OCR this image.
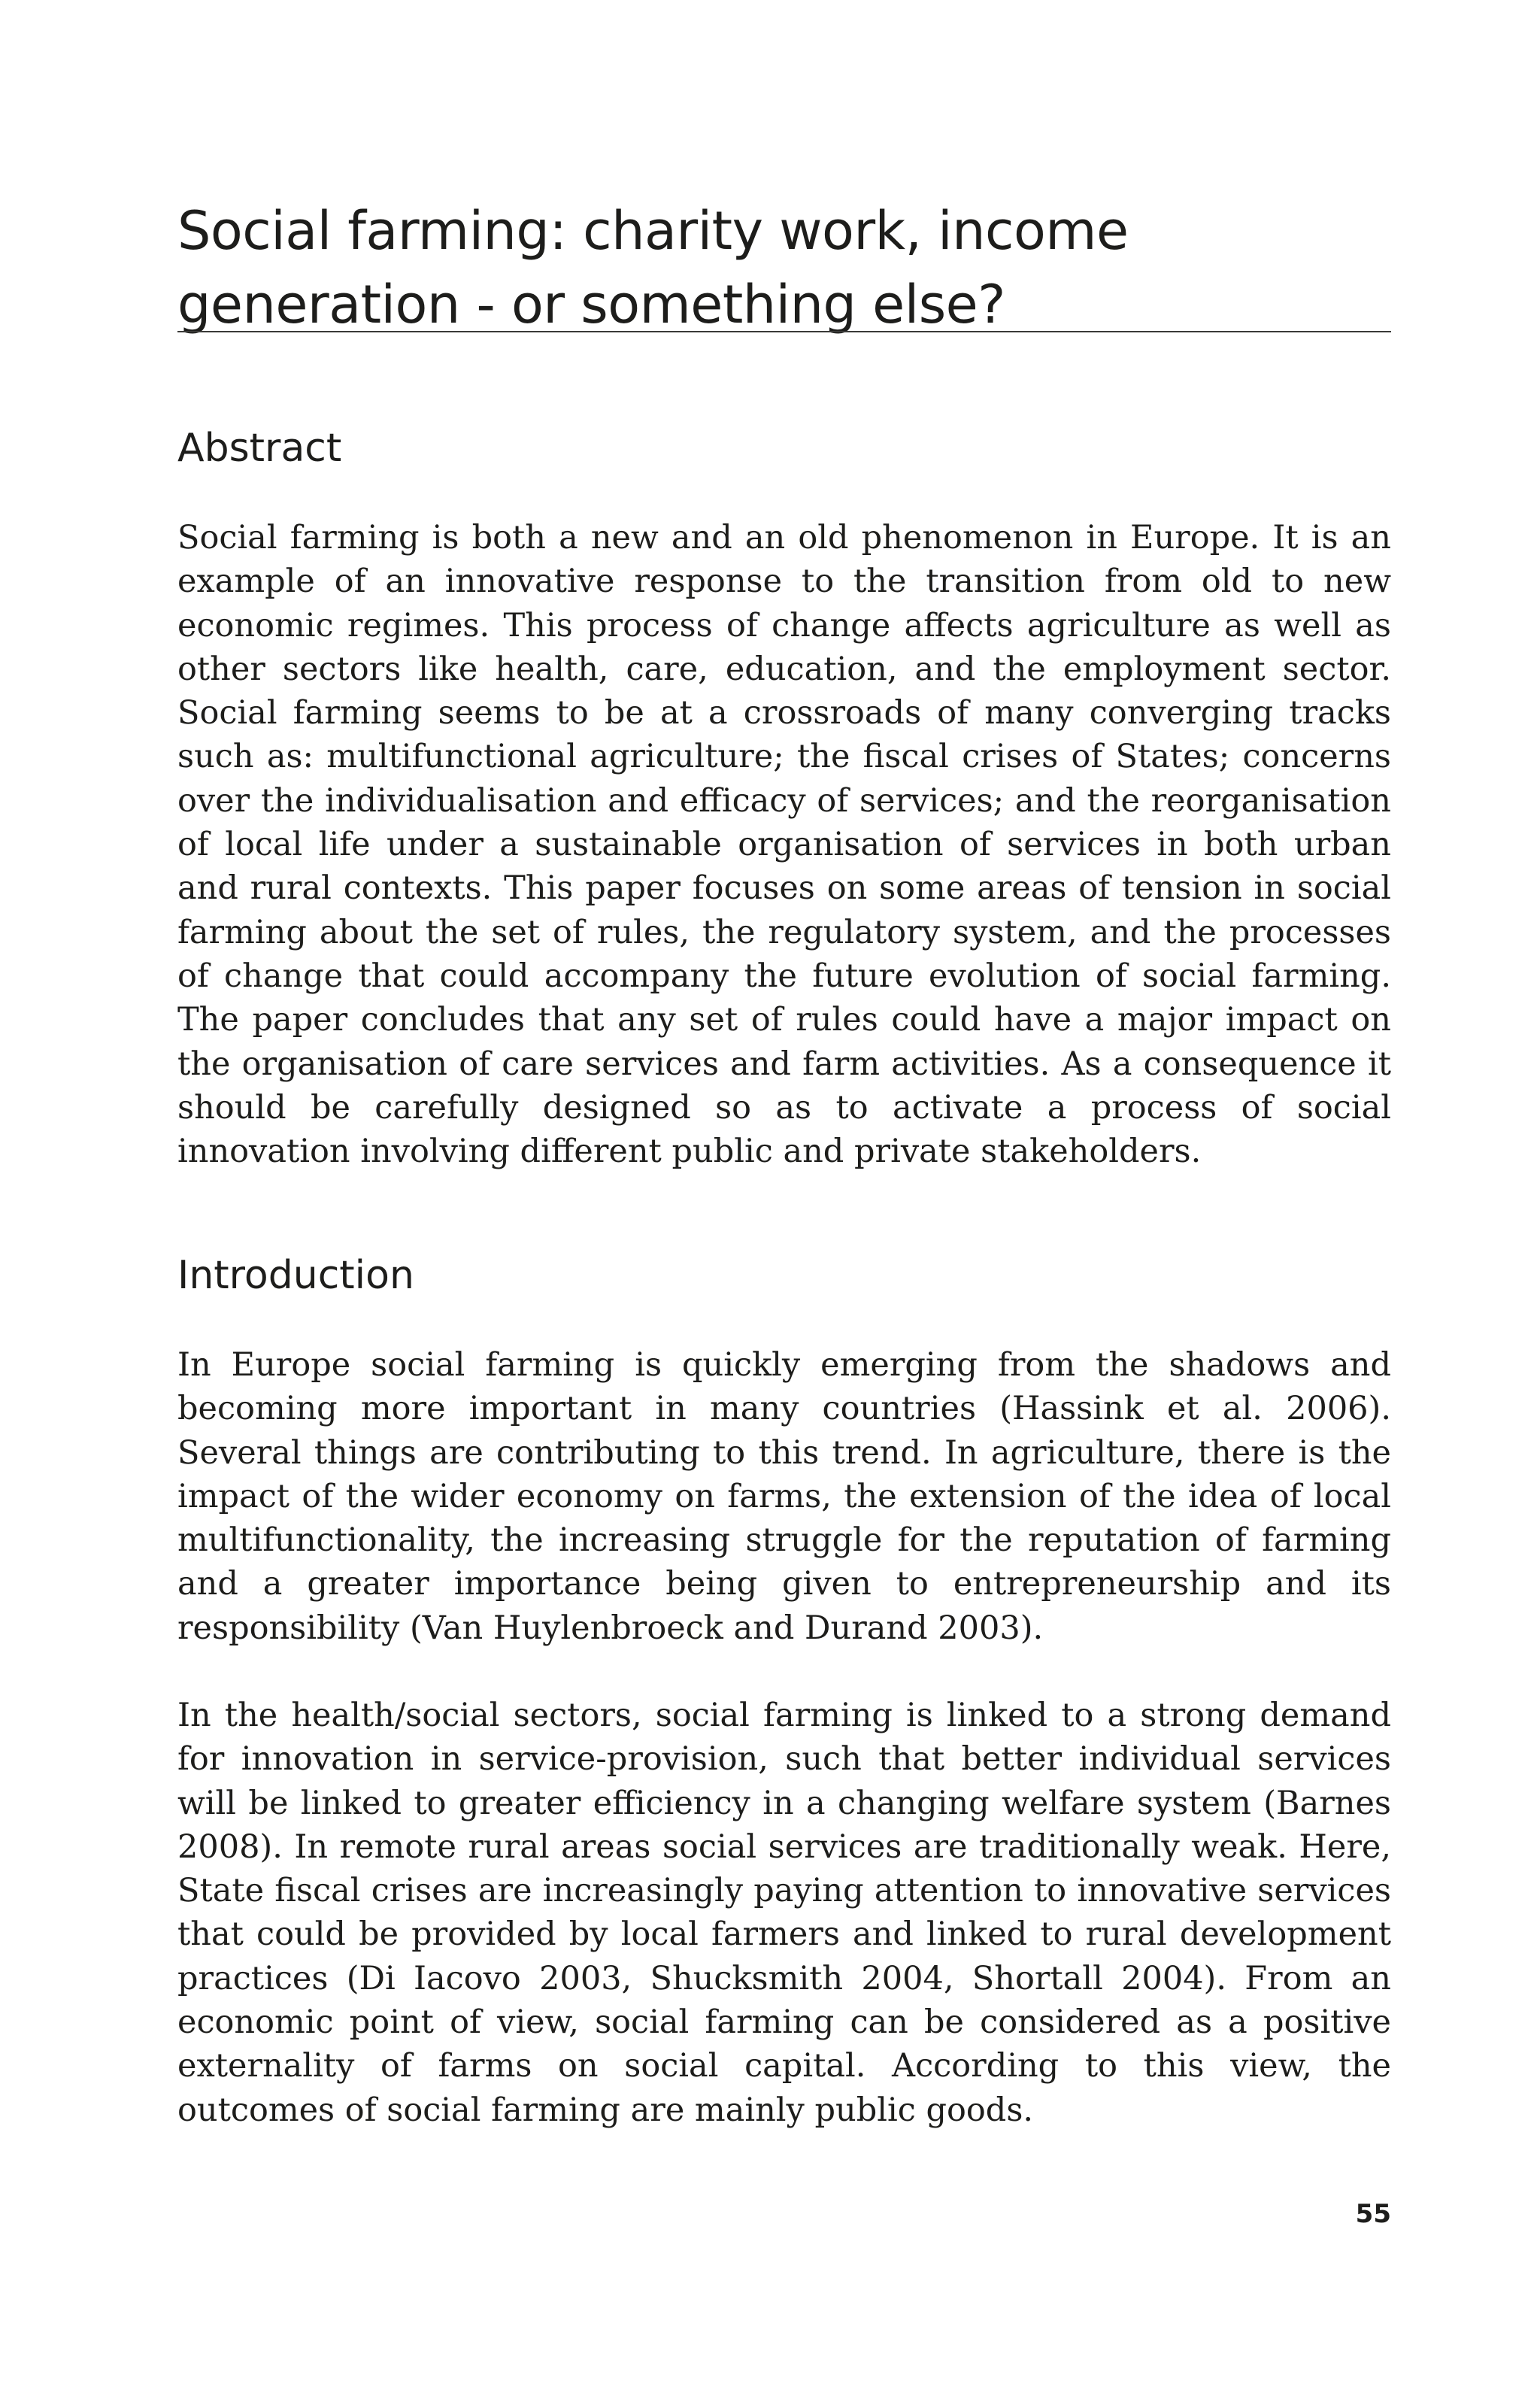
Social farming: charity work, income generation - or something else?
Abstract

Social farming is both a new and an old phenomenon in Europe. It is an example of an innovative response to the transition from old to new economic regimes. This process of change affects agriculture as well as other sectors like health, care, education, and the employment sector. Social farming seems to be at a crossroads of many converging tracks such as: multifunctional agriculture; the fiscal crises of States; concerns over the individualisation and efficacy of services; and the reorganisation of local life under a sustainable organisation of services in both urban and rural contexts. This paper focuses on some areas of tension in social farming about the set of rules, the regulatory system, and the processes of change that could accompany the future evolution of social farming. The paper concludes that any set of rules could have a major impact on the organisation of care services and farm activities. As a consequence it should be carefully designed so as to activate a process of social innovation involving different public and private stakeholders.

Introduction

In Europe social farming is quickly emerging from the shadows and becoming more important in many countries (Hassink et al. 2006). Several things are contributing to this trend. In agriculture, there is the impact of the wider economy on farms, the extension of the idea of local multifunctionality, the increasing struggle for the reputation of farming and a greater importance being given to entrepreneurship and its responsibility (Van Huylenbroeck and Durand 2003).

In the health/social sectors, social farming is linked to a strong demand for innovation in service-provision, such that better individual services will be linked to greater efficiency in a changing welfare system (Barnes 2008). In remote rural areas social services are traditionally weak. Here, State fiscal crises are increasingly paying attention to innovative services that could be provided by local farmers and linked to rural development practices (Di Iacovo 2003, Shucksmith 2004, Shortall 2004). From an economic point of view, social farming can be considered as a positive externality of farms on social capital. According to this view, the outcomes of social farming are mainly public goods.

55
